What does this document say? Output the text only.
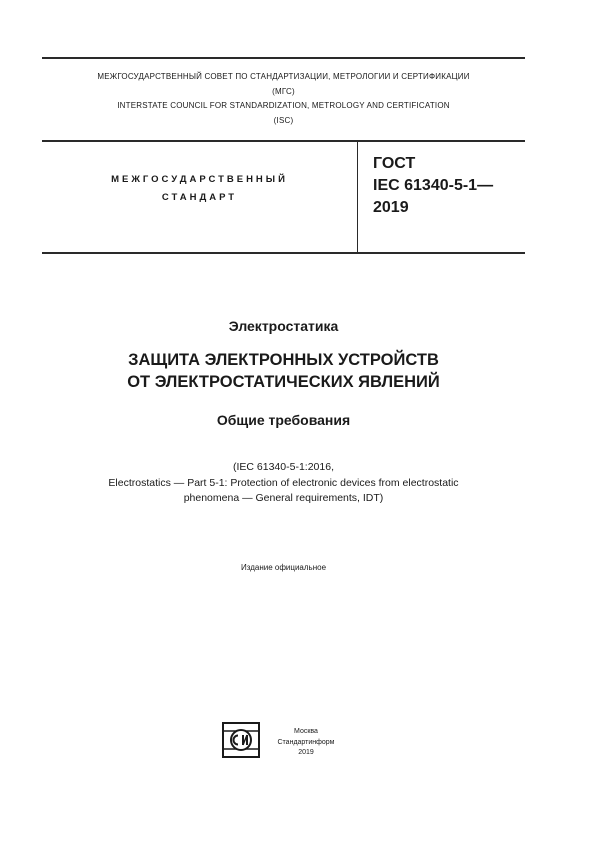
МЕЖГОСУДАРСТВЕННЫЙ СОВЕТ ПО СТАНДАРТИЗАЦИИ, МЕТРОЛОГИИ И СЕРТИФИКАЦИИ
(МГС)
INTERSTATE COUNCIL FOR STANDARDIZATION, METROLOGY AND CERTIFICATION
(ISC)
МЕЖГОСУДАРСТВЕННЫЙ
СТАНДАРТ
ГОСТ
IEC 61340-5-1—
2019
Электростатика
ЗАЩИТА ЭЛЕКТРОННЫХ УСТРОЙСТВ
ОТ ЭЛЕКТРОСТАТИЧЕСКИХ ЯВЛЕНИЙ
Общие требования
(IEC 61340-5-1:2016,
Electrostatics — Part 5-1: Protection of electronic devices from electrostatic
phenomena — General requirements, IDT)
Издание официальное
Москва
Стандартинформ
2019
